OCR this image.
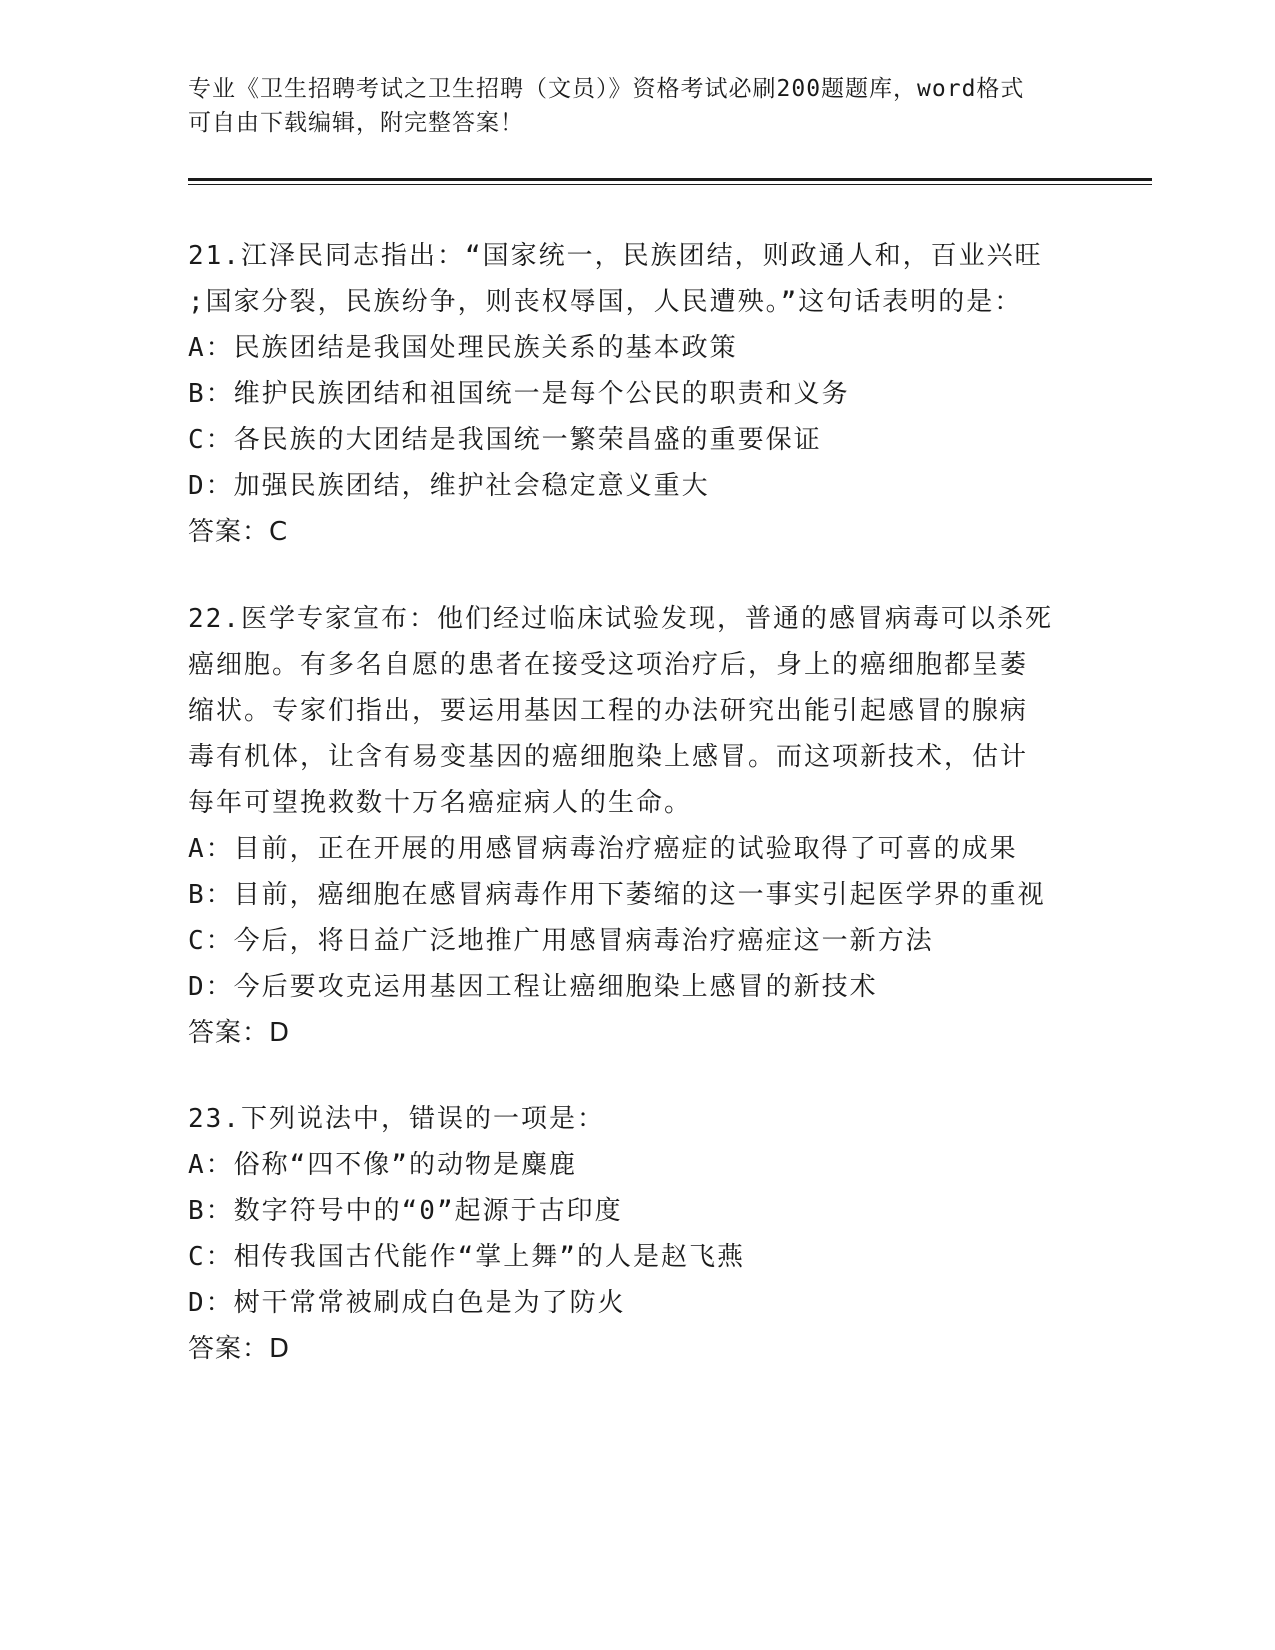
专业《卫生招聘考试之卫生招聘（文员）》资格考试必刷200题题库，word格式
可自由下载编辑，附完整答案！
21.江泽民同志指出：“国家统一，民族团结，则政通人和，百业兴旺
;国家分裂，民族纷争，则丧权辱国，人民遭殃。”这句话表明的是：
A：民族团结是我国处理民族关系的基本政策
B：维护民族团结和祖国统一是每个公民的职责和义务
C：各民族的大团结是我国统一繁荣昌盛的重要保证
D：加强民族团结，维护社会稳定意义重大
答案：C
22.医学专家宣布：他们经过临床试验发现，普通的感冒病毒可以杀死
癌细胞。有多名自愿的患者在接受这项治疗后，身上的癌细胞都呈萎
缩状。专家们指出，要运用基因工程的办法研究出能引起感冒的腺病
毒有机体，让含有易变基因的癌细胞染上感冒。而这项新技术，估计
每年可望挽救数十万名癌症病人的生命。
A：目前，正在开展的用感冒病毒治疗癌症的试验取得了可喜的成果
B：目前，癌细胞在感冒病毒作用下萎缩的这一事实引起医学界的重视
C：今后，将日益广泛地推广用感冒病毒治疗癌症这一新方法
D：今后要攻克运用基因工程让癌细胞染上感冒的新技术
答案：D
23.下列说法中，错误的一项是：
A：俗称“四不像”的动物是麋鹿
B：数字符号中的“0”起源于古印度
C：相传我国古代能作“掌上舞”的人是赵飞燕
D：树干常常被刷成白色是为了防火
答案：D
